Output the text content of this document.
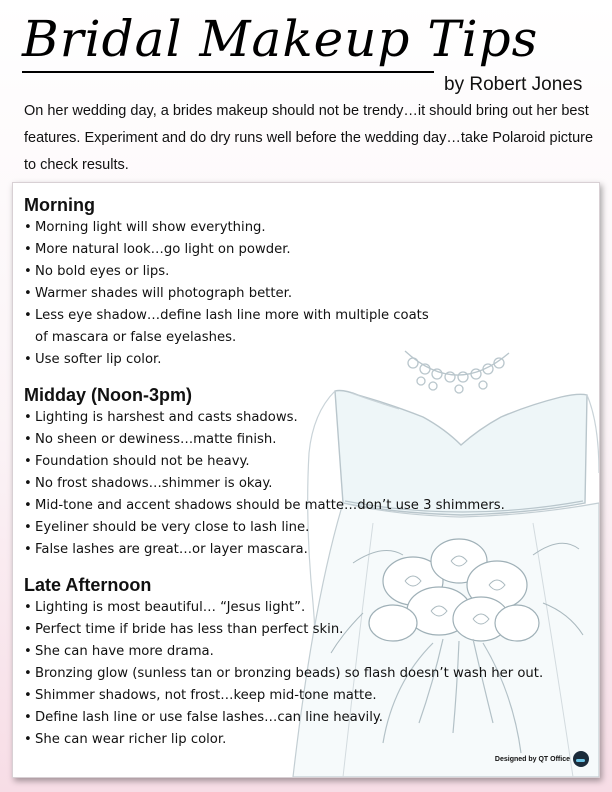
Bridal Makeup Tips
by Robert Jones

On her wedding day, a brides makeup should not be trendy…it should bring out her best features. Experiment and do dry runs well before the wedding day…take Polaroid picture to check results.

Morning
• Morning light will show everything.
• More natural look…go light on powder.
• No bold eyes or lips.
• Warmer shades will photograph better.
• Less eye shadow…define lash line more with multiple coats
of mascara or false eyelashes.
• Use softer lip color.
Midday (Noon-3pm)
• Lighting is harshest and casts shadows.
• No sheen or dewiness…matte finish.
• Foundation should not be heavy.
• No frost shadows…shimmer is okay.
• Mid-tone and accent shadows should be matte…don’t use 3 shimmers.
• Eyeliner should be very close to lash line.
• False lashes are great…or layer mascara.
Late Afternoon
• Lighting is most beautiful… “Jesus light”.
• Perfect time if bride has less than perfect skin.
• She can have more drama.
• Bronzing glow (sunless tan or bronzing beads) so flash doesn’t wash her out.
• Shimmer shadows, not frost…keep mid-tone matte.
• Define lash line or use false lashes…can line heavily.
• She can wear richer lip color.
Designed by QT Office
